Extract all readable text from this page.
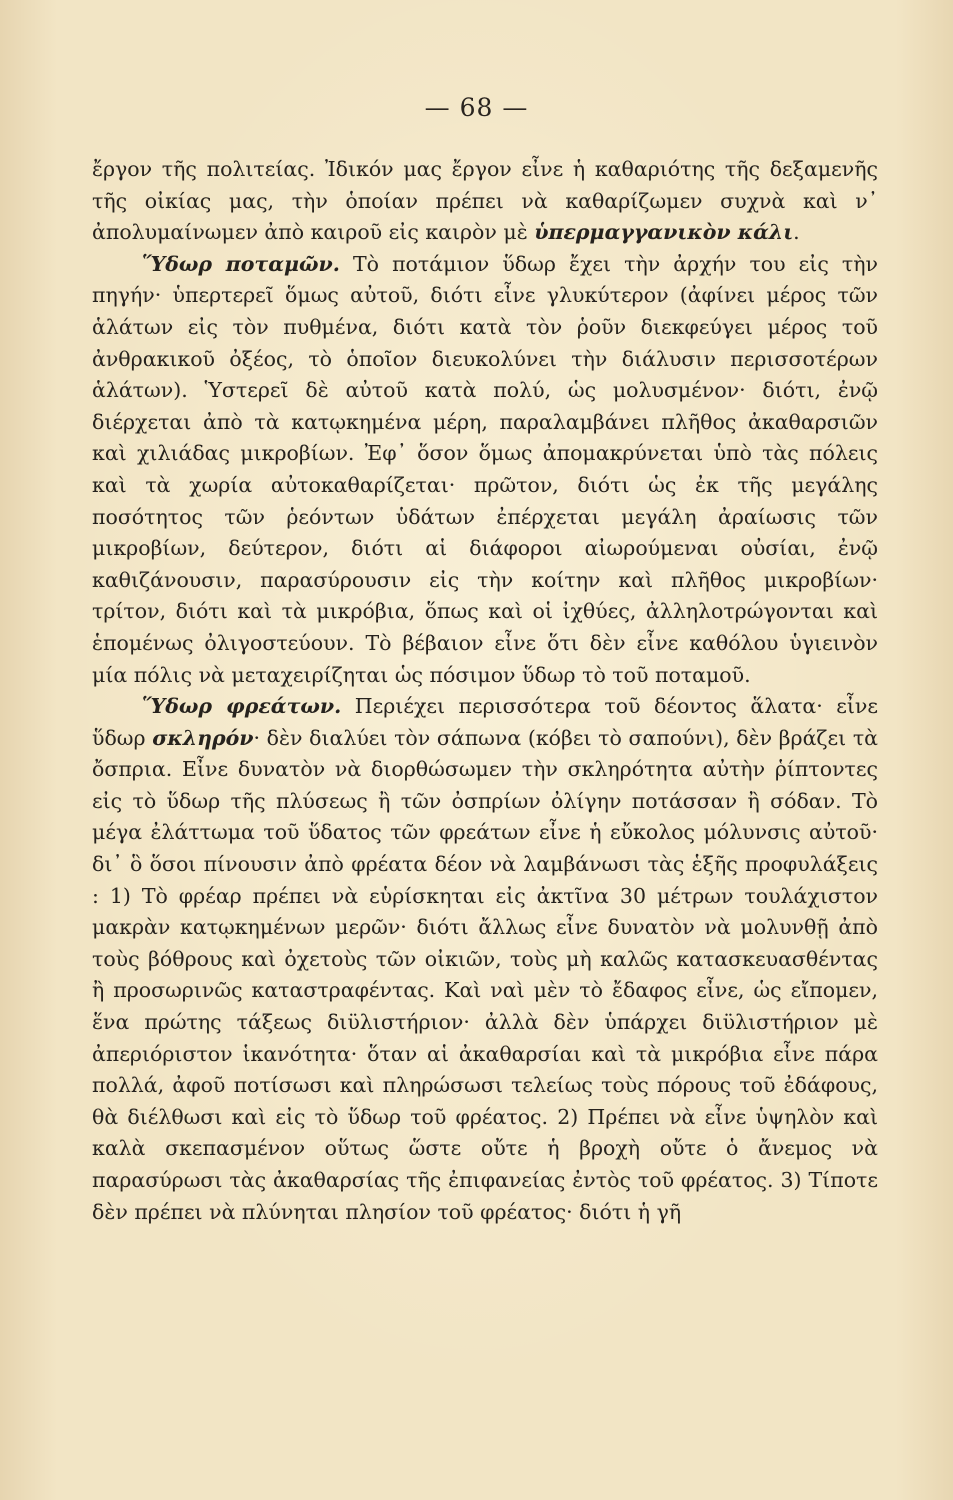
— 68 —

ἔργον τῆς πολιτείας. Ἰδικόν μας ἔργον εἶνε ἡ καθαριότης τῆς δεξαμενῆς τῆς οἰκίας μας, τὴν ὁποίαν πρέπει νὰ καθαρίζωμεν συχνὰ καὶ ν᾽ ἀπολυμαίνωμεν ἀπὸ καιροῦ εἰς καιρὸν μὲ ὑπερμαγγανικὸν κάλι.

Ὕδωρ ποταμῶν. Τὸ ποτάμιον ὕδωρ ἔχει τὴν ἀρχήν του εἰς τὴν πηγήν· ὑπερτερεῖ ὅμως αὐτοῦ, διότι εἶνε γλυκύτερον (ἀφίνει μέρος τῶν ἁλάτων εἰς τὸν πυθμένα, διότι κατὰ τὸν ῥοῦν διεκφεύγει μέρος τοῦ ἀνθρακικοῦ ὀξέος, τὸ ὁποῖον διευκολύνει τὴν διάλυσιν περισσοτέρων ἁλάτων). Ὑστερεῖ δὲ αὐτοῦ κατὰ πολύ, ὡς μολυσμένον· διότι, ἐνῷ διέρχεται ἀπὸ τὰ κατῳκημένα μέρη, παραλαμβάνει πλῆθος ἀκαθαρσιῶν καὶ χιλιάδας μικροβίων. Ἐφ᾽ ὅσον ὅμως ἀπομακρύνεται ὑπὸ τὰς πόλεις καὶ τὰ χωρία αὐτοκαθαρίζεται· πρῶτον, διότι ὡς ἐκ τῆς μεγάλης ποσότητος τῶν ῥεόντων ὑδάτων ἐπέρχεται μεγάλη ἀραίωσις τῶν μικροβίων, δεύτερον, διότι αἱ διάφοροι αἰωρούμεναι οὐσίαι, ἐνῷ καθιζάνουσιν, παρασύρουσιν εἰς τὴν κοίτην καὶ πλῆθος μικροβίων· τρίτον, διότι καὶ τὰ μικρόβια, ὅπως καὶ οἱ ἰχθύες, ἀλληλοτρώγονται καὶ ἑπομένως ὀλιγοστεύουν. Τὸ βέβαιον εἶνε ὅτι δὲν εἶνε καθόλου ὑγιεινὸν μία πόλις νὰ μεταχειρίζηται ὡς πόσιμον ὕδωρ τὸ τοῦ ποταμοῦ.

Ὕδωρ φρεάτων. Περιέχει περισσότερα τοῦ δέοντος ἅλατα· εἶνε ὕδωρ σκληρόν· δὲν διαλύει τὸν σάπωνα (κόβει τὸ σαπούνι), δὲν βράζει τὰ ὄσπρια. Εἶνε δυνατὸν νὰ διορθώσωμεν τὴν σκληρότητα αὐτὴν ῥίπτοντες εἰς τὸ ὕδωρ τῆς πλύσεως ἢ τῶν ὀσπρίων ὀλίγην ποτάσσαν ἢ σόδαν. Τὸ μέγα ἐλάττωμα τοῦ ὕδατος τῶν φρεάτων εἶνε ἡ εὔκολος μόλυνσις αὐτοῦ· δι᾽ ὃ ὅσοι πίνουσιν ἀπὸ φρέατα δέον νὰ λαμβάνωσι τὰς ἑξῆς προφυλάξεις : 1) Τὸ φρέαρ πρέπει νὰ εὑρίσκηται εἰς ἀκτῖνα 30 μέτρων τουλάχιστον μακρὰν κατῳκημένων μερῶν· διότι ἄλλως εἶνε δυνατὸν νὰ μολυνθῇ ἀπὸ τοὺς βόθρους καὶ ὀχετοὺς τῶν οἰκιῶν, τοὺς μὴ καλῶς κατασκευασθέντας ἢ προσωρινῶς καταστραφέντας. Καὶ ναὶ μὲν τὸ ἔδαφος εἶνε, ὡς εἴπομεν, ἕνα πρώτης τάξεως διϋλιστήριον· ἀλλὰ δὲν ὑπάρχει διϋλιστήριον μὲ ἀπεριόριστον ἱκανότητα· ὅταν αἱ ἀκαθαρσίαι καὶ τὰ μικρόβια εἶνε πάρα πολλά, ἀφοῦ ποτίσωσι καὶ πληρώσωσι τελείως τοὺς πόρους τοῦ ἐδάφους, θὰ διέλθωσι καὶ εἰς τὸ ὕδωρ τοῦ φρέατος. 2) Πρέπει νὰ εἶνε ὑψηλὸν καὶ καλὰ σκεπασμένον οὕτως ὥστε οὔτε ἡ βροχὴ οὔτε ὁ ἄνεμος νὰ παρασύρωσι τὰς ἀκαθαρσίας τῆς ἐπιφανείας ἐντὸς τοῦ φρέατος. 3) Τίποτε δὲν πρέπει νὰ πλύνηται πλησίον τοῦ φρέατος· διότι ἡ γῆ
